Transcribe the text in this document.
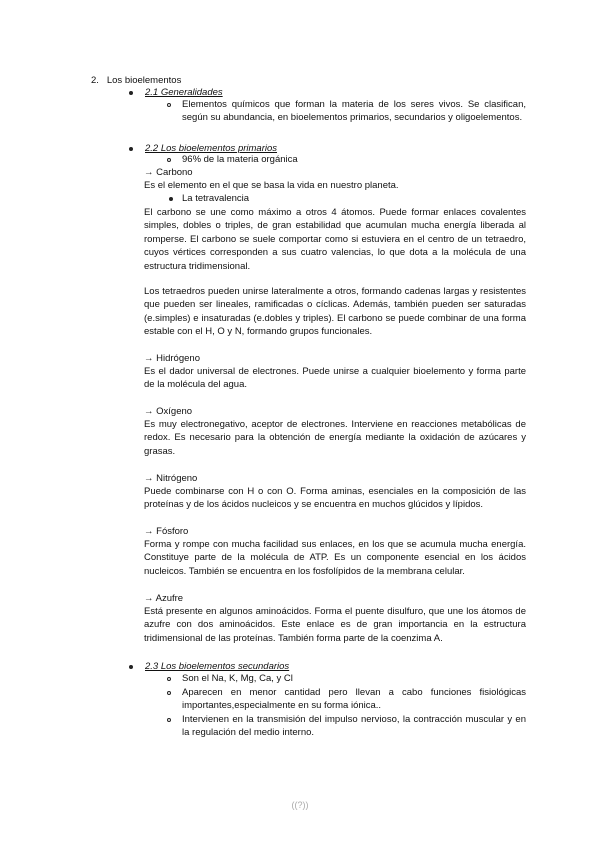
2. Los bioelementos
2.1 Generalidades
Elementos químicos que forman la materia de los seres vivos. Se clasifican, según su abundancia, en bioelementos primarios, secundarios y oligoelementos.
2.2 Los bioelementos primarios
96% de la materia orgánica
→ Carbono
Es el elemento en el que se basa la vida en nuestro planeta.
La tetravalencia
El carbono se une como máximo a otros 4 átomos. Puede formar enlaces covalentes simples, dobles o triples, de gran estabilidad que acumulan mucha energía liberada al romperse. El carbono se suele comportar como si estuviera en el centro de un tetraedro, cuyos vértices corresponden a sus cuatro valencias, lo que dota a la molécula de una estructura tridimensional.
Los tetraedros pueden unirse lateralmente a otros, formando cadenas largas y resistentes que pueden ser lineales, ramificadas o cíclicas. Además, también pueden ser saturadas (e.simples) e insaturadas (e.dobles y triples). El carbono se puede combinar de una forma estable con el H, O y N, formando grupos funcionales.
→ Hidrógeno
Es el dador universal de electrones. Puede unirse a cualquier bioelemento y forma parte de la molécula del agua.
→ Oxígeno
Es muy electronegativo, aceptor de electrones. Interviene en reacciones metabólicas de redox. Es necesario para la obtención de energía mediante la oxidación de azúcares y grasas.
→ Nitrógeno
Puede combinarse con H o con O. Forma aminas, esenciales en la composición de las proteínas y de los ácidos nucleicos y se encuentra en muchos glúcidos y lípidos.
→ Fósforo
Forma y rompe con mucha facilidad sus enlaces, en los que se acumula mucha energía. Constituye parte de la molécula de ATP. Es un componente esencial en los ácidos nucleicos. También se encuentra en los fosfolípidos de la membrana celular.
→ Azufre
Está presente en algunos aminoácidos. Forma el puente disulfuro, que une los átomos de azufre con dos aminoácidos. Este enlace es de gran importancia en la estructura tridimensional de las proteínas. También forma parte de la coenzima A.
2.3 Los bioelementos secundarios
Son el Na, K, Mg, Ca, y Cl
Aparecen en menor cantidad pero llevan a cabo funciones fisiológicas importantes,especialmente en su forma iónica..
Intervienen en la transmisión del impulso nervioso, la contracción muscular y en la regulación del medio interno.
((?))
